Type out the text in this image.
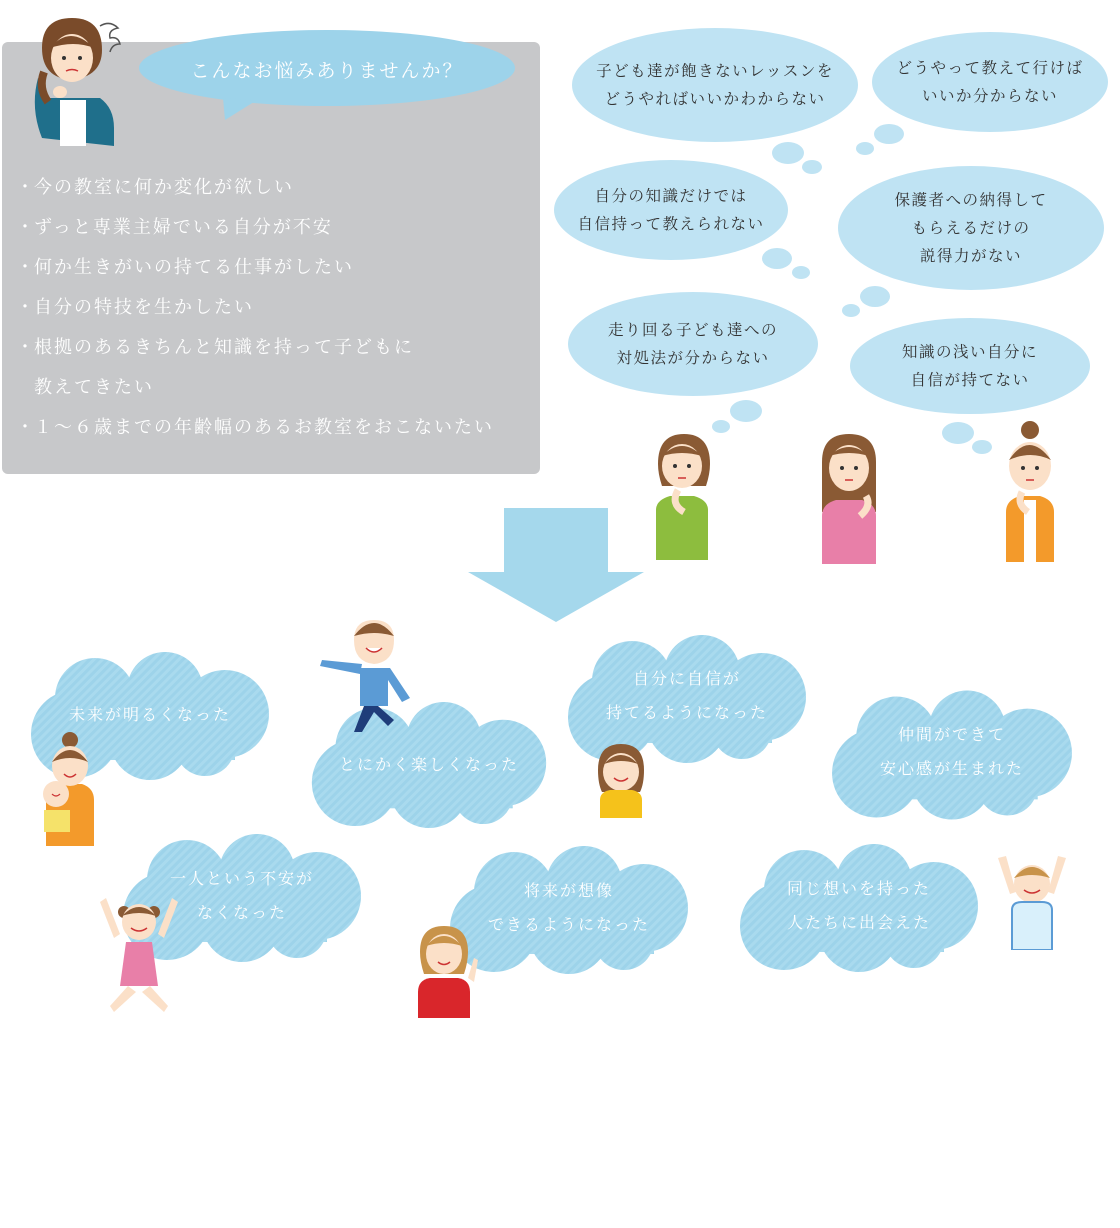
こんなお悩みありませんか？
・今の教室に何か変化が欲しい
・ずっと専業主婦でいる自分が不安
・何か生きがいの持てる仕事がしたい
・自分の特技を生かしたい
・根拠のあるきちんと知識を持って子どもに
教えてきたい
・１〜６歳までの年齢幅のあるお教室をおこないたい
子ども達が飽きないレッスンを
どうやればいいかわからない
どうやって教えて行けば
いいか分からない
自分の知識だけでは
自信持って教えられない
保護者への納得して
もらえるだけの
説得力がない
走り回る子ども達への
対処法が分からない	知識の浅い自分に
自信が持てない
未来が明るくなった
とにかく楽しくなった
自分に自信が
持てるようになった
仲間ができて
安心感が生まれた
一人という不安が
なくなった
将来が想像
できるようになった
同じ想いを持った
人たちに出会えた
